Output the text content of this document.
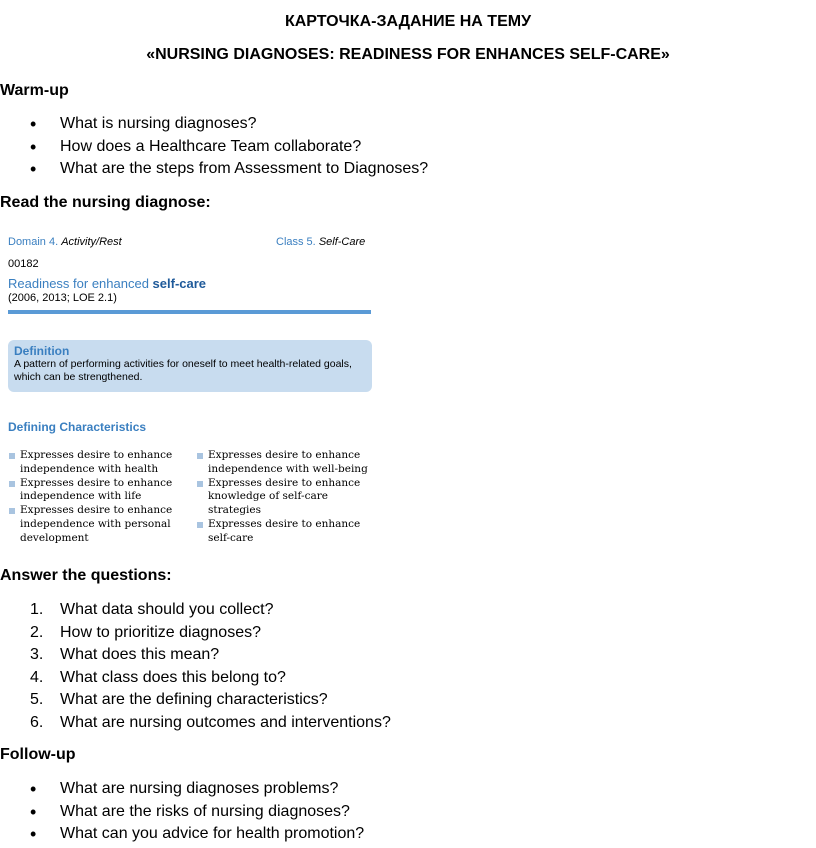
КАРТОЧКА-ЗАДАНИЕ НА ТЕМУ
«NURSING DIAGNOSES: READINESS FOR ENHANCES SELF-CARE»
Warm-up
• What is nursing diagnoses?
• How does a Healthcare Team collaborate?
• What are the steps from Assessment to Diagnoses?
Read the nursing diagnose:
Domain 4. Activity/Rest	Class 5. Self-Care
00182
Readiness for enhanced self-care
(2006, 2013; LOE 2.1)
Definition
A pattern of performing activities for oneself to meet health-related goals, which can be strengthened.
Defining Characteristics
Expresses desire to enhance independence with health
Expresses desire to enhance independence with life
Expresses desire to enhance independence with personal development
Expresses desire to enhance independence with well-being
Expresses desire to enhance knowledge of self-care strategies
Expresses desire to enhance self-care
Answer the questions:
1.	What data should you collect?
2.	How to prioritize diagnoses?
3.	What does this mean?
4.	What class does this belong to?
5.	What are the defining characteristics?
6.	What are nursing outcomes and interventions?
Follow-up
• What are nursing diagnoses problems?
• What are the risks of nursing diagnoses?
• What can you advice for health promotion?
